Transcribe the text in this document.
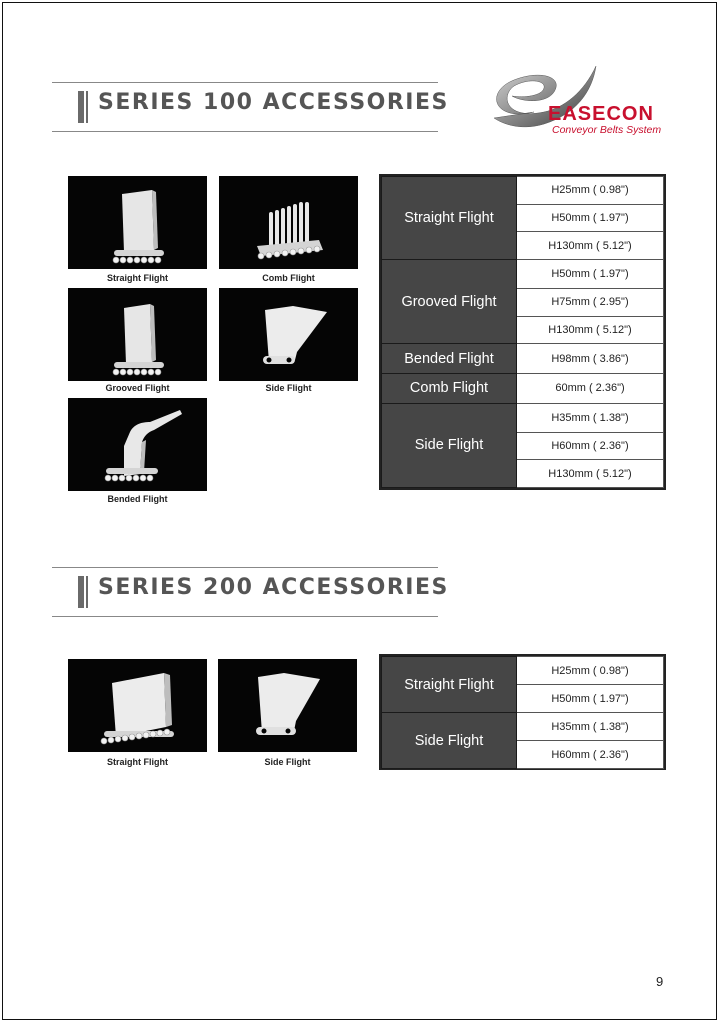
SERIES 100 ACCESSORIES	EASECON
Conveyor Belts System
Straight Flight	Comb Flight
Grooved Flight	Side Flight
Bended Flight
Straight Flight	H25mm ( 0.98")
	H50mm ( 1.97")
	H130mm ( 5.12")
Grooved Flight	H50mm ( 1.97")
	H75mm ( 2.95")
	H130mm ( 5.12")
Bended Flight	H98mm ( 3.86")
Comb Flight	60mm ( 2.36")
Side Flight	H35mm ( 1.38")
	H60mm ( 2.36")
	H130mm ( 5.12")
SERIES 200 ACCESSORIES
Straight Flight	Side Flight
Straight Flight	H25mm ( 0.98")
	H50mm ( 1.97")
Side Flight	H35mm ( 1.38")
	H60mm ( 2.36")
9
